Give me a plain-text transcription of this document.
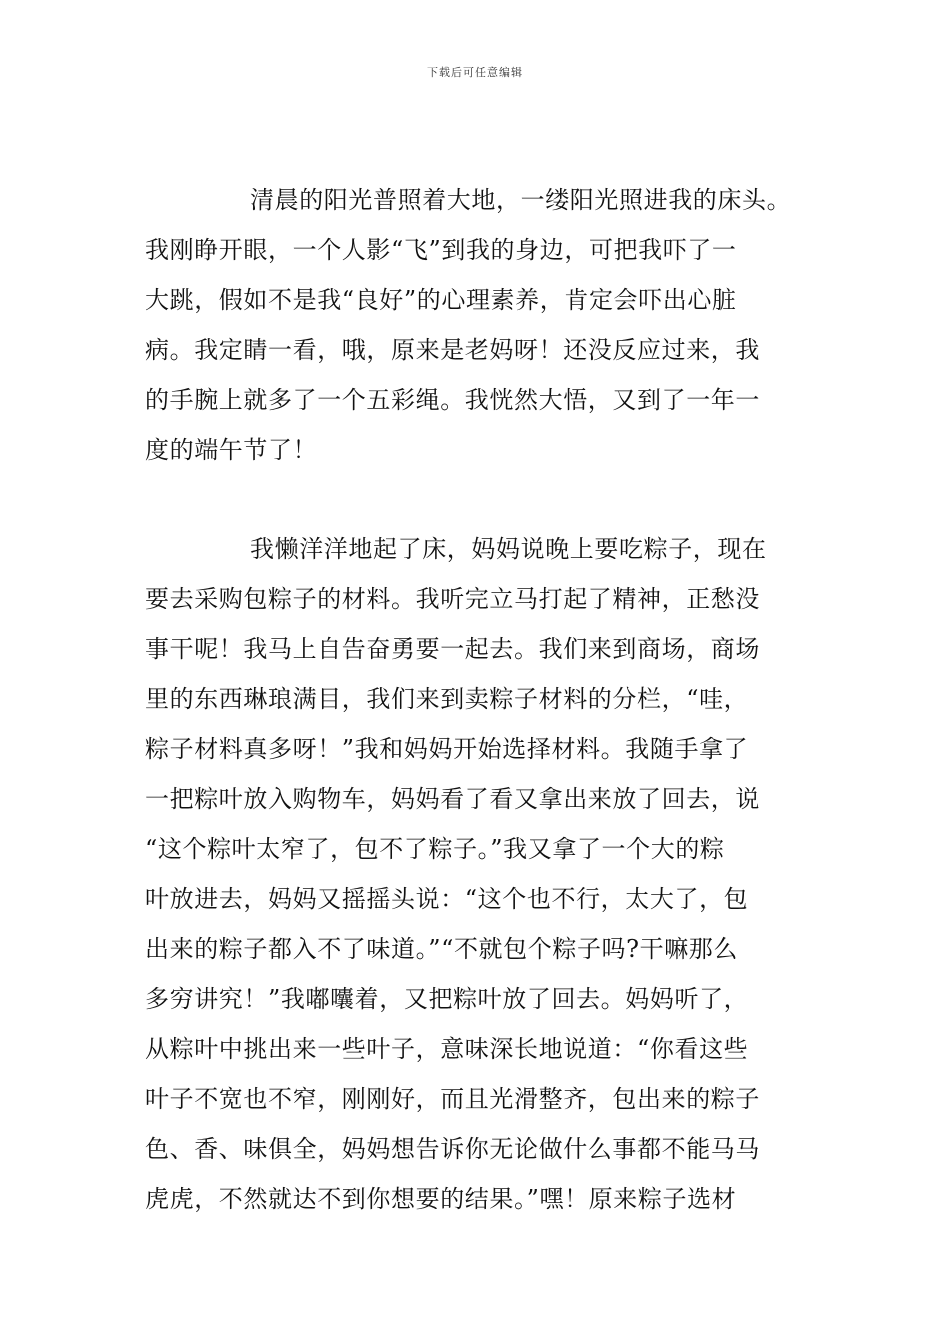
下载后可任意编辑
清晨的阳光普照着大地，一缕阳光照进我的床头。
我刚睁开眼，一个人影“飞”到我的身边，可把我吓了一
大跳，假如不是我“良好”的心理素养，肯定会吓出心脏
病。我定睛一看，哦，原来是老妈呀！还没反应过来，我
的手腕上就多了一个五彩绳。我恍然大悟，又到了一年一
度的端午节了！
我懒洋洋地起了床，妈妈说晚上要吃粽子，现在
要去采购包粽子的材料。我听完立马打起了精神，正愁没
事干呢！我马上自告奋勇要一起去。我们来到商场，商场
里的东西琳琅满目，我们来到卖粽子材料的分栏，“哇，
粽子材料真多呀！”我和妈妈开始选择材料。我随手拿了
一把粽叶放入购物车，妈妈看了看又拿出来放了回去，说
“这个粽叶太窄了，包不了粽子。”我又拿了一个大的粽
叶放进去，妈妈又摇摇头说：“这个也不行，太大了，包
出来的粽子都入不了味道。”“不就包个粽子吗?干嘛那么
多穷讲究！”我嘟囔着，又把粽叶放了回去。妈妈听了，
从粽叶中挑出来一些叶子，意味深长地说道：“你看这些
叶子不宽也不窄，刚刚好，而且光滑整齐，包出来的粽子
色、香、味俱全，妈妈想告诉你无论做什么事都不能马马
虎虎，不然就达不到你想要的结果。”嘿！原来粽子选材
